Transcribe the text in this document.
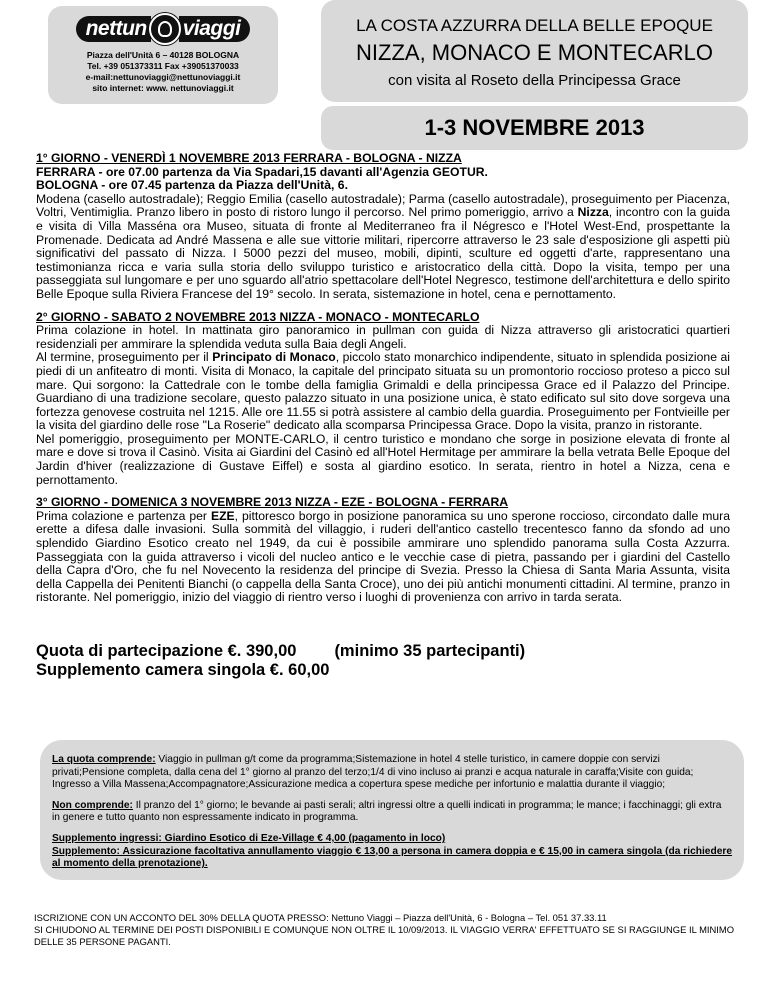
nettun viaggi
Piazza dell'Unità 6 – 40128 BOLOGNA
Tel. +39 051373311 Fax +39051370033
e-mail:nettunoviaggi@nettunoviaggi.it
sito internet: www. nettunoviaggi.it
LA COSTA AZZURRA DELLA BELLE EPOQUE
NIZZA, MONACO E MONTECARLO
con visita al Roseto della Principessa Grace
1-3 NOVEMBRE 2013
1° GIORNO - VENERDÌ 1 NOVEMBRE 2013 FERRARA - BOLOGNA - NIZZA
FERRARA - ore 07.00 partenza da Via Spadari,15 davanti all'Agenzia GEOTUR.
BOLOGNA - ore 07.45 partenza da Piazza dell'Unità, 6.

Modena (casello autostradale); Reggio Emilia (casello autostradale); Parma (casello autostradale), proseguimento per Piacenza, Voltri, Ventimiglia. Pranzo libero in posto di ristoro lungo il percorso. Nel primo pomeriggio, arrivo a Nizza, incontro con la guida e visita di Villa Masséna ora Museo, situata di fronte al Mediterraneo fra il Négresco e l'Hotel West-End, prospettante la Promenade. Dedicata ad André Massena e alle sue vittorie militari, ripercorre attraverso le 23 sale d'esposizione gli aspetti più significativi del passato di Nizza. I 5000 pezzi del museo, mobili, dipinti, sculture ed oggetti d'arte, rappresentano una testimonianza ricca e varia sulla storia dello sviluppo turistico e aristocratico della città. Dopo la visita, tempo per una passeggiata sul lungomare e per uno sguardo all'atrio spettacolare dell'Hotel Negresco, testimone dell'architettura e dello spirito Belle Epoque sulla Riviera Francese del 19° secolo. In serata, sistemazione in hotel, cena e pernottamento.

2° GIORNO - SABATO 2 NOVEMBRE 2013 NIZZA - MONACO - MONTECARLO

Prima colazione in hotel. In mattinata giro panoramico in pullman con guida di Nizza attraverso gli aristocratici quartieri residenziali per ammirare la splendida veduta sulla Baia degli Angeli.

Al termine, proseguimento per il Principato di Monaco, piccolo stato monarchico indipendente, situato in splendida posizione ai piedi di un anfiteatro di monti. Visita di Monaco, la capitale del principato situata su un promontorio roccioso proteso a picco sul mare. Qui sorgono: la Cattedrale con le tombe della famiglia Grimaldi e della principessa Grace ed il Palazzo del Principe. Guardiano di una tradizione secolare, questo palazzo situato in una posizione unica, è stato edificato sul sito dove sorgeva una fortezza genovese costruita nel 1215. Alle ore 11.55 si potrà assistere al cambio della guardia. Proseguimento per Fontvieille per la visita del giardino delle rose "La Roserie" dedicato alla scomparsa Principessa Grace. Dopo la visita, pranzo in ristorante.

Nel pomeriggio, proseguimento per MONTE-CARLO, il centro turistico e mondano che sorge in posizione elevata di fronte al mare e dove si trova il Casinò. Visita ai Giardini del Casinò ed all'Hotel Hermitage per ammirare la bella vetrata Belle Epoque del Jardin d'hiver (realizzazione di Gustave Eiffel) e sosta al giardino esotico. In serata, rientro in hotel a Nizza, cena e pernottamento.

3° GIORNO - DOMENICA 3 NOVEMBRE 2013 NIZZA - EZE - BOLOGNA - FERRARA

Prima colazione e partenza per EZE, pittoresco borgo in posizione panoramica su uno sperone roccioso, circondato dalle mura erette a difesa dalle invasioni. Sulla sommità del villaggio, i ruderi dell'antico castello trecentesco fanno da sfondo ad uno splendido Giardino Esotico creato nel 1949, da cui è possibile ammirare uno splendido panorama sulla Costa Azzurra. Passeggiata con la guida attraverso i vicoli del nucleo antico e le vecchie case di pietra, passando per i giardini del Castello della Capra d'Oro, che fu nel Novecento la residenza del principe di Svezia. Presso la Chiesa di Santa Maria Assunta, visita della Cappella dei Penitenti Bianchi (o cappella della Santa Croce), uno dei più antichi monumenti cittadini. Al termine, pranzo in ristorante. Nel pomeriggio, inizio del viaggio di rientro verso i luoghi di provenienza con arrivo in tarda serata.

Quota di partecipazione €. 390,00 (minimo 35 partecipanti)
Supplemento camera singola €. 60,00

La quota comprende: Viaggio in pullman g/t come da programma;Sistemazione in hotel 4 stelle turistico, in camere doppie con servizi privati;Pensione completa, dalla cena del 1° giorno al pranzo del terzo;1/4 di vino incluso ai pranzi e acqua naturale in caraffa;Visite con guida; Ingresso a Villa Massena;Accompagnatore;Assicurazione medica a copertura spese mediche per infortunio e malattia durante il viaggio;

Non comprende: Il pranzo del 1° giorno; le bevande ai pasti serali; altri ingressi oltre a quelli indicati in programma; le mance; i facchinaggi; gli extra in genere e tutto quanto non espressamente indicato in programma.

Supplemento ingressi: Giardino Esotico di Eze-Village € 4,00 (pagamento in loco)
Supplemento: Assicurazione facoltativa annullamento viaggio € 13,00 a persona in camera doppia e € 15,00 in camera singola (da richiedere al momento della prenotazione).
ISCRIZIONE CON UN ACCONTO DEL 30% DELLA QUOTA PRESSO: Nettuno Viaggi – Piazza dell'Unità, 6 - Bologna – Tel. 051 37.33.11
SI CHIUDONO AL TERMINE DEI POSTI DISPONIBILI E COMUNQUE NON OLTRE IL 10/09/2013. IL VIAGGIO VERRA' EFFETTUATO SE SI RAGGIUNGE IL MINIMO DELLE 35 PERSONE PAGANTI.
